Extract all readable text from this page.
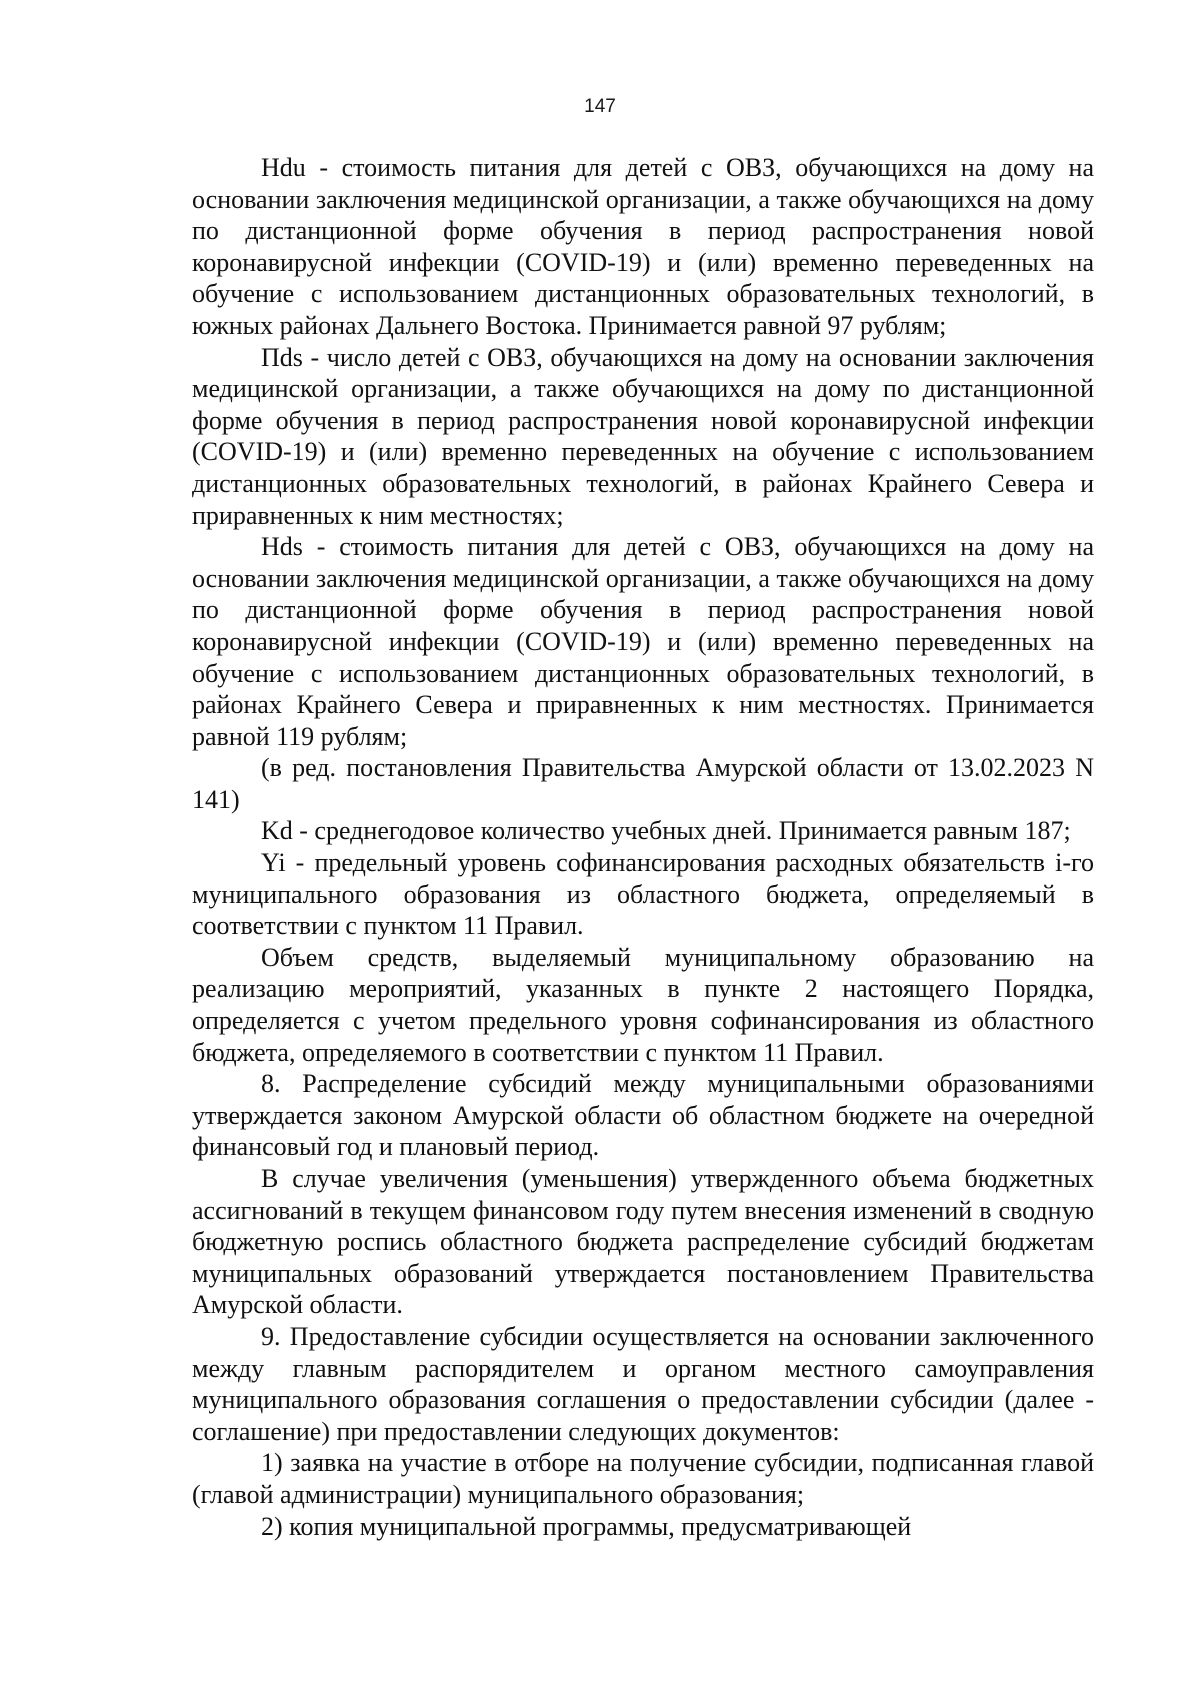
147

Hdu - стоимость питания для детей с ОВЗ, обучающихся на дому на основании заключения медицинской организации, а также обучающихся на дому по дистанционной форме обучения в период распространения новой коронавирусной инфекции (COVID-19) и (или) временно переведенных на обучение с использованием дистанционных образовательных технологий, в южных районах Дальнего Востока. Принимается равной 97 рублям;

Пds - число детей с ОВЗ, обучающихся на дому на основании заключения медицинской организации, а также обучающихся на дому по дистанционной форме обучения в период распространения новой коронавирусной инфекции (COVID-19) и (или) временно переведенных на обучение с использованием дистанционных образовательных технологий, в районах Крайнего Севера и приравненных к ним местностях;

Hds - стоимость питания для детей с ОВЗ, обучающихся на дому на основании заключения медицинской организации, а также обучающихся на дому по дистанционной форме обучения в период распространения новой коронавирусной инфекции (COVID-19) и (или) временно переведенных на обучение с использованием дистанционных образовательных технологий, в районах Крайнего Севера и приравненных к ним местностях. Принимается равной 119 рублям;

(в ред. постановления Правительства Амурской области от 13.02.2023 N 141)

Kd - среднегодовое количество учебных дней. Принимается равным 187;

Yi - предельный уровень софинансирования расходных обязательств i-го муниципального образования из областного бюджета, определяемый в соответствии с пунктом 11 Правил.

Объем средств, выделяемый муниципальному образованию на реализацию мероприятий, указанных в пункте 2 настоящего Порядка, определяется с учетом предельного уровня софинансирования из областного бюджета, определяемого в соответствии с пунктом 11 Правил.

8. Распределение субсидий между муниципальными образованиями утверждается законом Амурской области об областном бюджете на очередной финансовый год и плановый период.

В случае увеличения (уменьшения) утвержденного объема бюджетных ассигнований в текущем финансовом году путем внесения изменений в сводную бюджетную роспись областного бюджета распределение субсидий бюджетам муниципальных образований утверждается постановлением Правительства Амурской области.

9. Предоставление субсидии осуществляется на основании заключенного между главным распорядителем и органом местного самоуправления муниципального образования соглашения о предоставлении субсидии (далее - соглашение) при предоставлении следующих документов:

1) заявка на участие в отборе на получение субсидии, подписанная главой (главой администрации) муниципального образования;

2) копия муниципальной программы, предусматривающей
